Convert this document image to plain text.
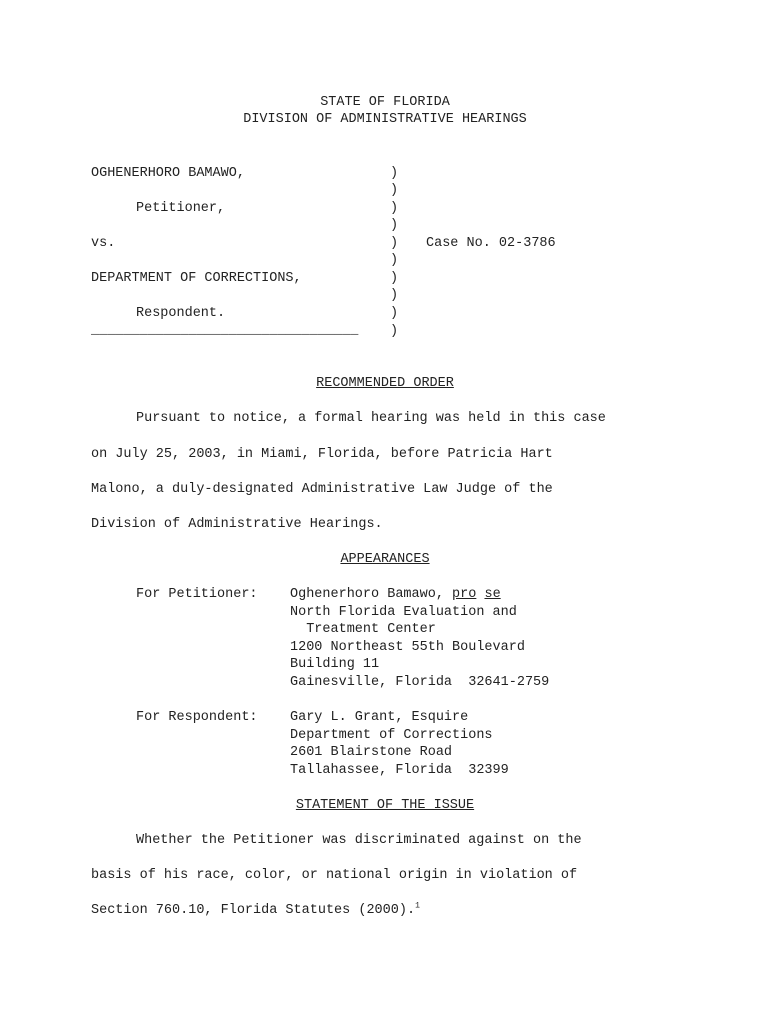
STATE OF FLORIDA
DIVISION OF ADMINISTRATIVE HEARINGS
OGHENERHORO BAMAWO,
Petitioner,
vs.
DEPARTMENT OF CORRECTIONS,
Respondent.
_________________________________
)
)
)
)
)
)
)
)
)
)
Case No. 02-3786
RECOMMENDED ORDER
Pursuant to notice, a formal hearing was held in this case
on July 25, 2003, in Miami, Florida, before Patricia Hart
Malono, a duly-designated Administrative Law Judge of the
Division of Administrative Hearings.
APPEARANCES
For Petitioner: Oghenerhoro Bamawo, pro se
North Florida Evaluation and
Treatment Center
1200 Northeast 55th Boulevard
Building 11
Gainesville, Florida  32641-2759
For Respondent: Gary L. Grant, Esquire
Department of Corrections
2601 Blairstone Road
Tallahassee, Florida  32399
STATEMENT OF THE ISSUE
Whether the Petitioner was discriminated against on the
basis of his race, color, or national origin in violation of
Section 760.10, Florida Statutes (2000).$^1$
